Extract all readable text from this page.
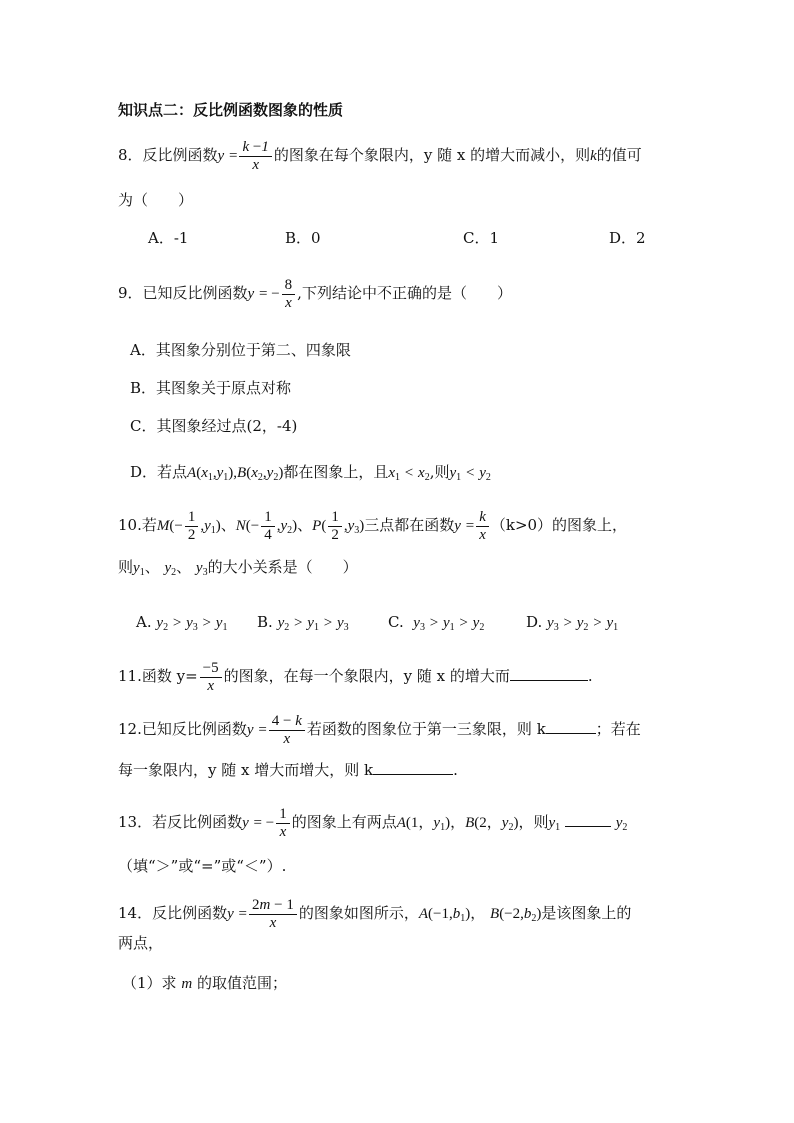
知识点二：反比例函数图象的性质
8．反比例函数$y = \frac{k -1}{x}$ 的图象在每个象限内，y 随 x 的增大而减小，则k的值可
为（　　）
A．-1	B．0	C．1	D．2
9．已知反比例函数y = − $\frac{8}{x}$ ,下列结论中不正确的是（　　）
A．其图象分别位于第二、四象限
B．其图象关于原点对称
C．其图象经过点(2，-4)
D．若点$A(x_1,y_1),B(x_2,y_2)$都在图象上，且$x_1 < x_2$,则$y_1 < y_2$
10.若$M(- \frac{1}{2} ,y_1)$、$N(- \frac{1}{4} ,y_2)$、$P( \frac{1}{2} ,y_3)$三点都在函数$y = \frac{k}{x} (k>0)$的图象上，
则$y_1$、 $y_2$、 $y_3$的大小关系是（　　）
A. $y_2 > y_3 > y_1$ B. $y_2 > y_1 > y_3$	C. $y_3 > y_1 > y_2$	D. $y_3 > y_2 > y_1$
11.函数 $y= \frac{-5}{x}$ 的图象，在每一个象限内，y 随 x 的增大而	.
12.已知反比例函数$y = \frac{4 - k}{x}$ 若函数的图象位于第一三象限，则 k	；若在
每一象限内，y 随 x 增大而增大，则 k	.
13．若反比例函数y = − $\frac{1}{x}$ 的图象上有两点A(1，$y_1$)，B(2，$y_2$)，则$y_1$	$y_2$
（填“＞”或“=”或“＜”）.
14．反比例函数$y = \frac{2m - 1}{x}$ 的图象如图所示，$A(-1,b_1)$， $B(-2,b_2)$是该图象上的
两点，
（1）求 m 的取值范围；
